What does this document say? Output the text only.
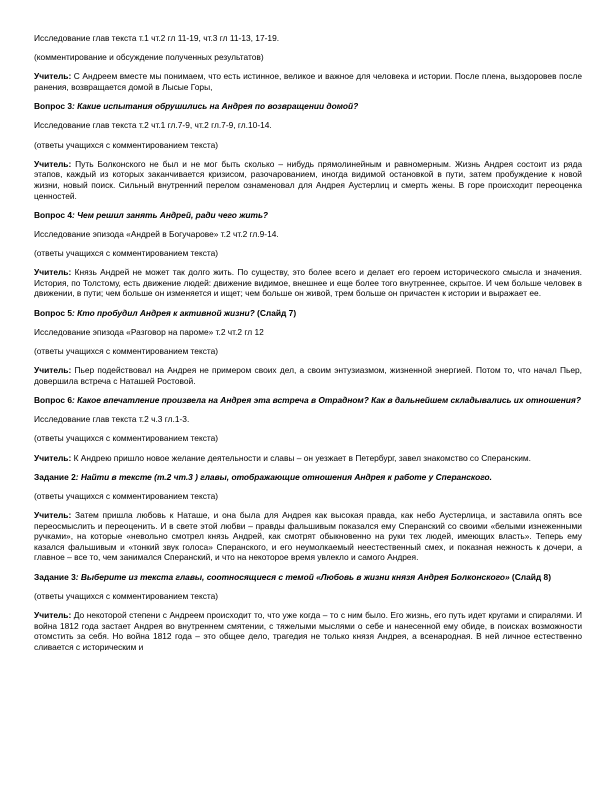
Исследование глав текста т.1 чт.2 гл 11-19, чт.3 гл 11-13, 17-19.
(комментирование и обсуждение полученных результатов)
Учитель: С Андреем вместе мы понимаем, что есть истинное, великое и важное для человека и истории. После плена, выздоровев после ранения, возвращается домой в Лысые Горы,
Вопрос 3: Какие испытания обрушились на Андрея по возвращении домой?
Исследование глав текста т.2 чт.1 гл.7-9, чт.2 гл.7-9, гл.10-14.
(ответы учащихся с комментированием текста)
Учитель: Путь Болконского не был и не мог быть сколько – нибудь прямолинейным и равномерным. Жизнь Андрея состоит из ряда этапов, каждый из которых заканчивается кризисом, разочарованием, иногда видимой остановкой в пути, затем пробуждение к новой жизни, новый поиск. Сильный внутренний перелом ознаменовал для Андрея Аустерлиц и смерть жены. В горе происходит переоценка ценностей.
Вопрос 4: Чем решил занять Андрей, ради чего жить?
Исследование эпизода «Андрей в Богучарове» т.2 чт.2 гл.9-14.
(ответы учащихся с комментированием текста)
Учитель: Князь Андрей не может так долго жить. По существу, это более всего и делает его героем исторического смысла и значения. История, по Толстому, есть движение людей: движение видимое, внешнее и еще более того внутреннее, скрытое. И чем больше человек в движении, в пути; чем больше он изменяется и ищет; чем больше он живой, трем больше он причастен к истории и выражает ее.
Вопрос 5: Кто пробудил Андрея к активной жизни? (Слайд 7)
Исследование эпизода «Разговор на пароме» т.2 чт.2 гл 12
(ответы учащихся с комментированием текста)
Учитель: Пьер подействовал на Андрея не примером своих дел, а своим энтузиазмом, жизненной энергией. Потом то, что начал Пьер, довершила встреча с Наташей Ростовой.
Вопрос 6: Какое впечатление произвела на Андрея эта встреча в Отрадном? Как в дальнейшем складывались их отношения?
Исследование глав текста т.2 ч.3 гл.1-3.
(ответы учащихся с комментированием текста)
Учитель: К Андрею пришло новое желание деятельности и славы – он уезжает в Петербург, завел знакомство со Сперанским.
Задание 2: Найти в тексте (т.2 чт.3 ) главы, отображающие отношения Андрея к работе у Сперанского.
(ответы учащихся с комментированием текста)
Учитель: Затем пришла любовь к Наташе, и она была для Андрея как высокая правда, как небо Аустерлица, и заставила опять все переосмыслить и переоценить. И в свете этой любви – правды фальшивым показался ему Сперанский со своими «белыми изнеженными ручками», на которые «невольно смотрел князь Андрей, как смотрят обыкновенно на руки тех людей, имеющих власть». Теперь ему казался фальшивым и «тонкий звук голоса» Сперанского, и его неумолкаемый неестественный смех, и показная нежность к дочери, а главное – все то, чем занимался Сперанский, и что на некоторое время увлекло и самого Андрея.
Задание 3: Выберите из текста главы, соотносящиеся с темой «Любовь в жизни князя Андрея Болконского» (Слайд 8)
(ответы учащихся с комментированием текста)
Учитель: До некоторой степени с Андреем происходит то, что уже когда – то с ним было. Его жизнь, его путь идет кругами и спиралями. И война 1812 года застает Андрея во внутреннем смятении, с тяжелыми мыслями о себе и нанесенной ему обиде, в поисках возможности отомстить за себя. Но война 1812 года – это общее дело, трагедия не только князя Андрея, а всенародная. В ней личное естественно сливается с историческим и
